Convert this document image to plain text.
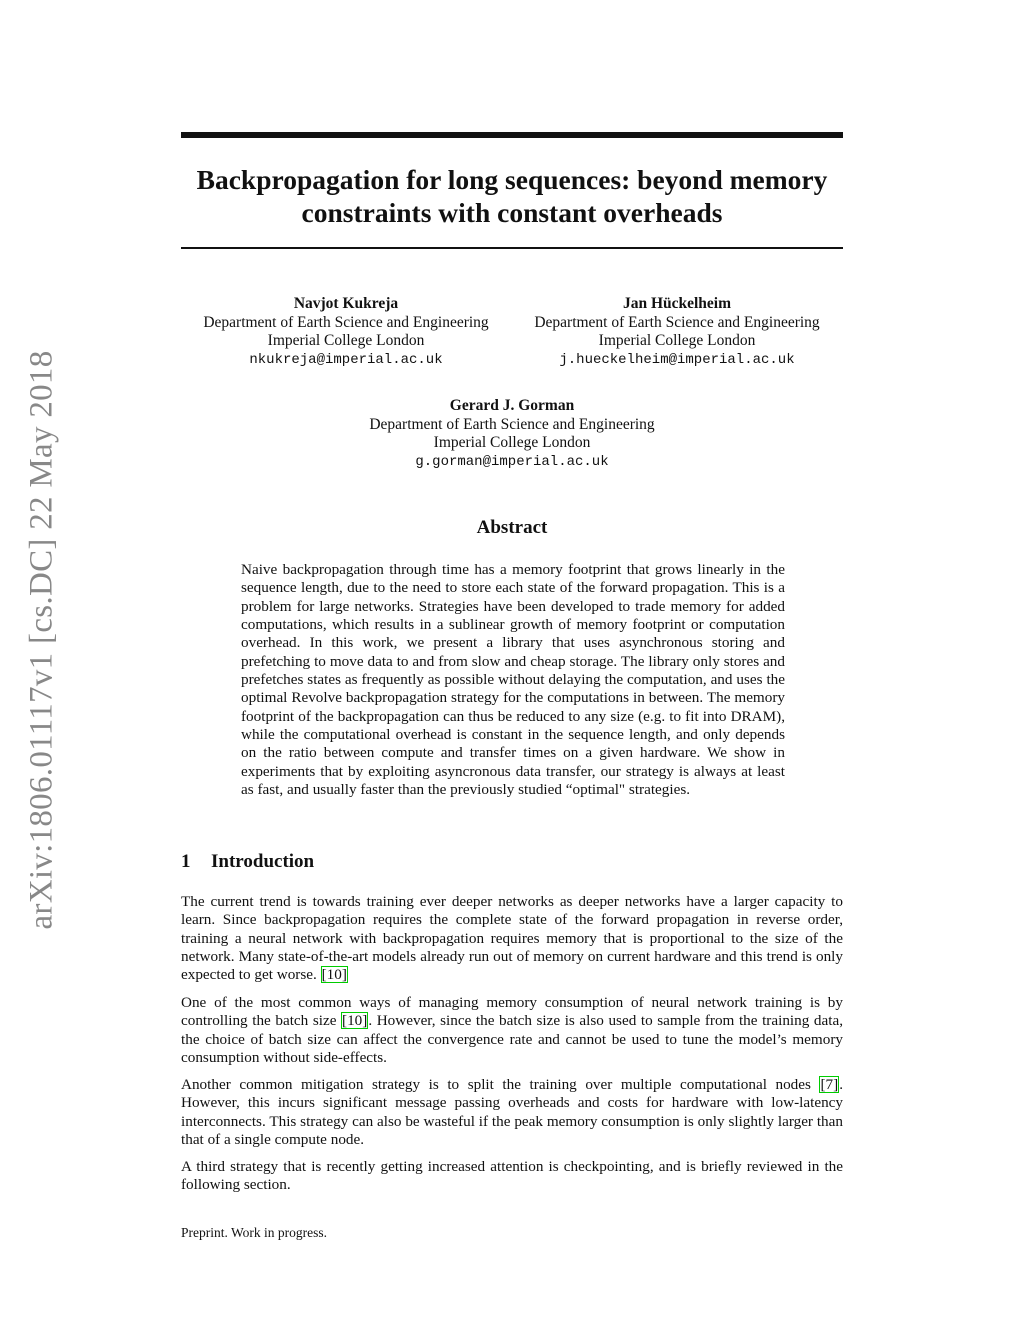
arXiv:1806.01117v1 [cs.DC] 22 May 2018
Backpropagation for long sequences: beyond memory
constraints with constant overheads
Navjot Kukreja
Department of Earth Science and Engineering
Imperial College London
nkukreja@imperial.ac.uk
Jan Hückelheim
Department of Earth Science and Engineering
Imperial College London
j.hueckelheim@imperial.ac.uk
Gerard J. Gorman
Department of Earth Science and Engineering
Imperial College London
g.gorman@imperial.ac.uk
Abstract
Naive backpropagation through time has a memory footprint that grows linearly in the sequence length, due to the need to store each state of the forward propagation. This is a problem for large networks. Strategies have been developed to trade memory for added computations, which results in a sublinear growth of memory footprint or computation overhead. In this work, we present a library that uses asynchronous storing and prefetching to move data to and from slow and cheap storage. The library only stores and prefetches states as frequently as possible without delaying the computation, and uses the optimal Revolve backpropagation strategy for the computations in between. The memory footprint of the backpropagation can thus be reduced to any size (e.g. to fit into DRAM), while the computational overhead is constant in the sequence length, and only depends on the ratio between compute and transfer times on a given hardware. We show in experiments that by exploiting asyncronous data transfer, our strategy is always at least as fast, and usually faster than the previously studied “optimal" strategies.
1 Introduction

The current trend is towards training ever deeper networks as deeper networks have a larger capacity to learn. Since backpropagation requires the complete state of the forward propagation in reverse order, training a neural network with backpropagation requires memory that is proportional to the size of the network. Many state-of-the-art models already run out of memory on current hardware and this trend is only expected to get worse. [10]

One of the most common ways of managing memory consumption of neural network training is by controlling the batch size [10]. However, since the batch size is also used to sample from the training data, the choice of batch size can affect the convergence rate and cannot be used to tune the model’s memory consumption without side-effects.

Another common mitigation strategy is to split the training over multiple computational nodes [7]. However, this incurs significant message passing overheads and costs for hardware with low-latency interconnects. This strategy can also be wasteful if the peak memory consumption is only slightly larger than that of a single compute node.

A third strategy that is recently getting increased attention is checkpointing, and is briefly reviewed in the following section.

Preprint. Work in progress.
